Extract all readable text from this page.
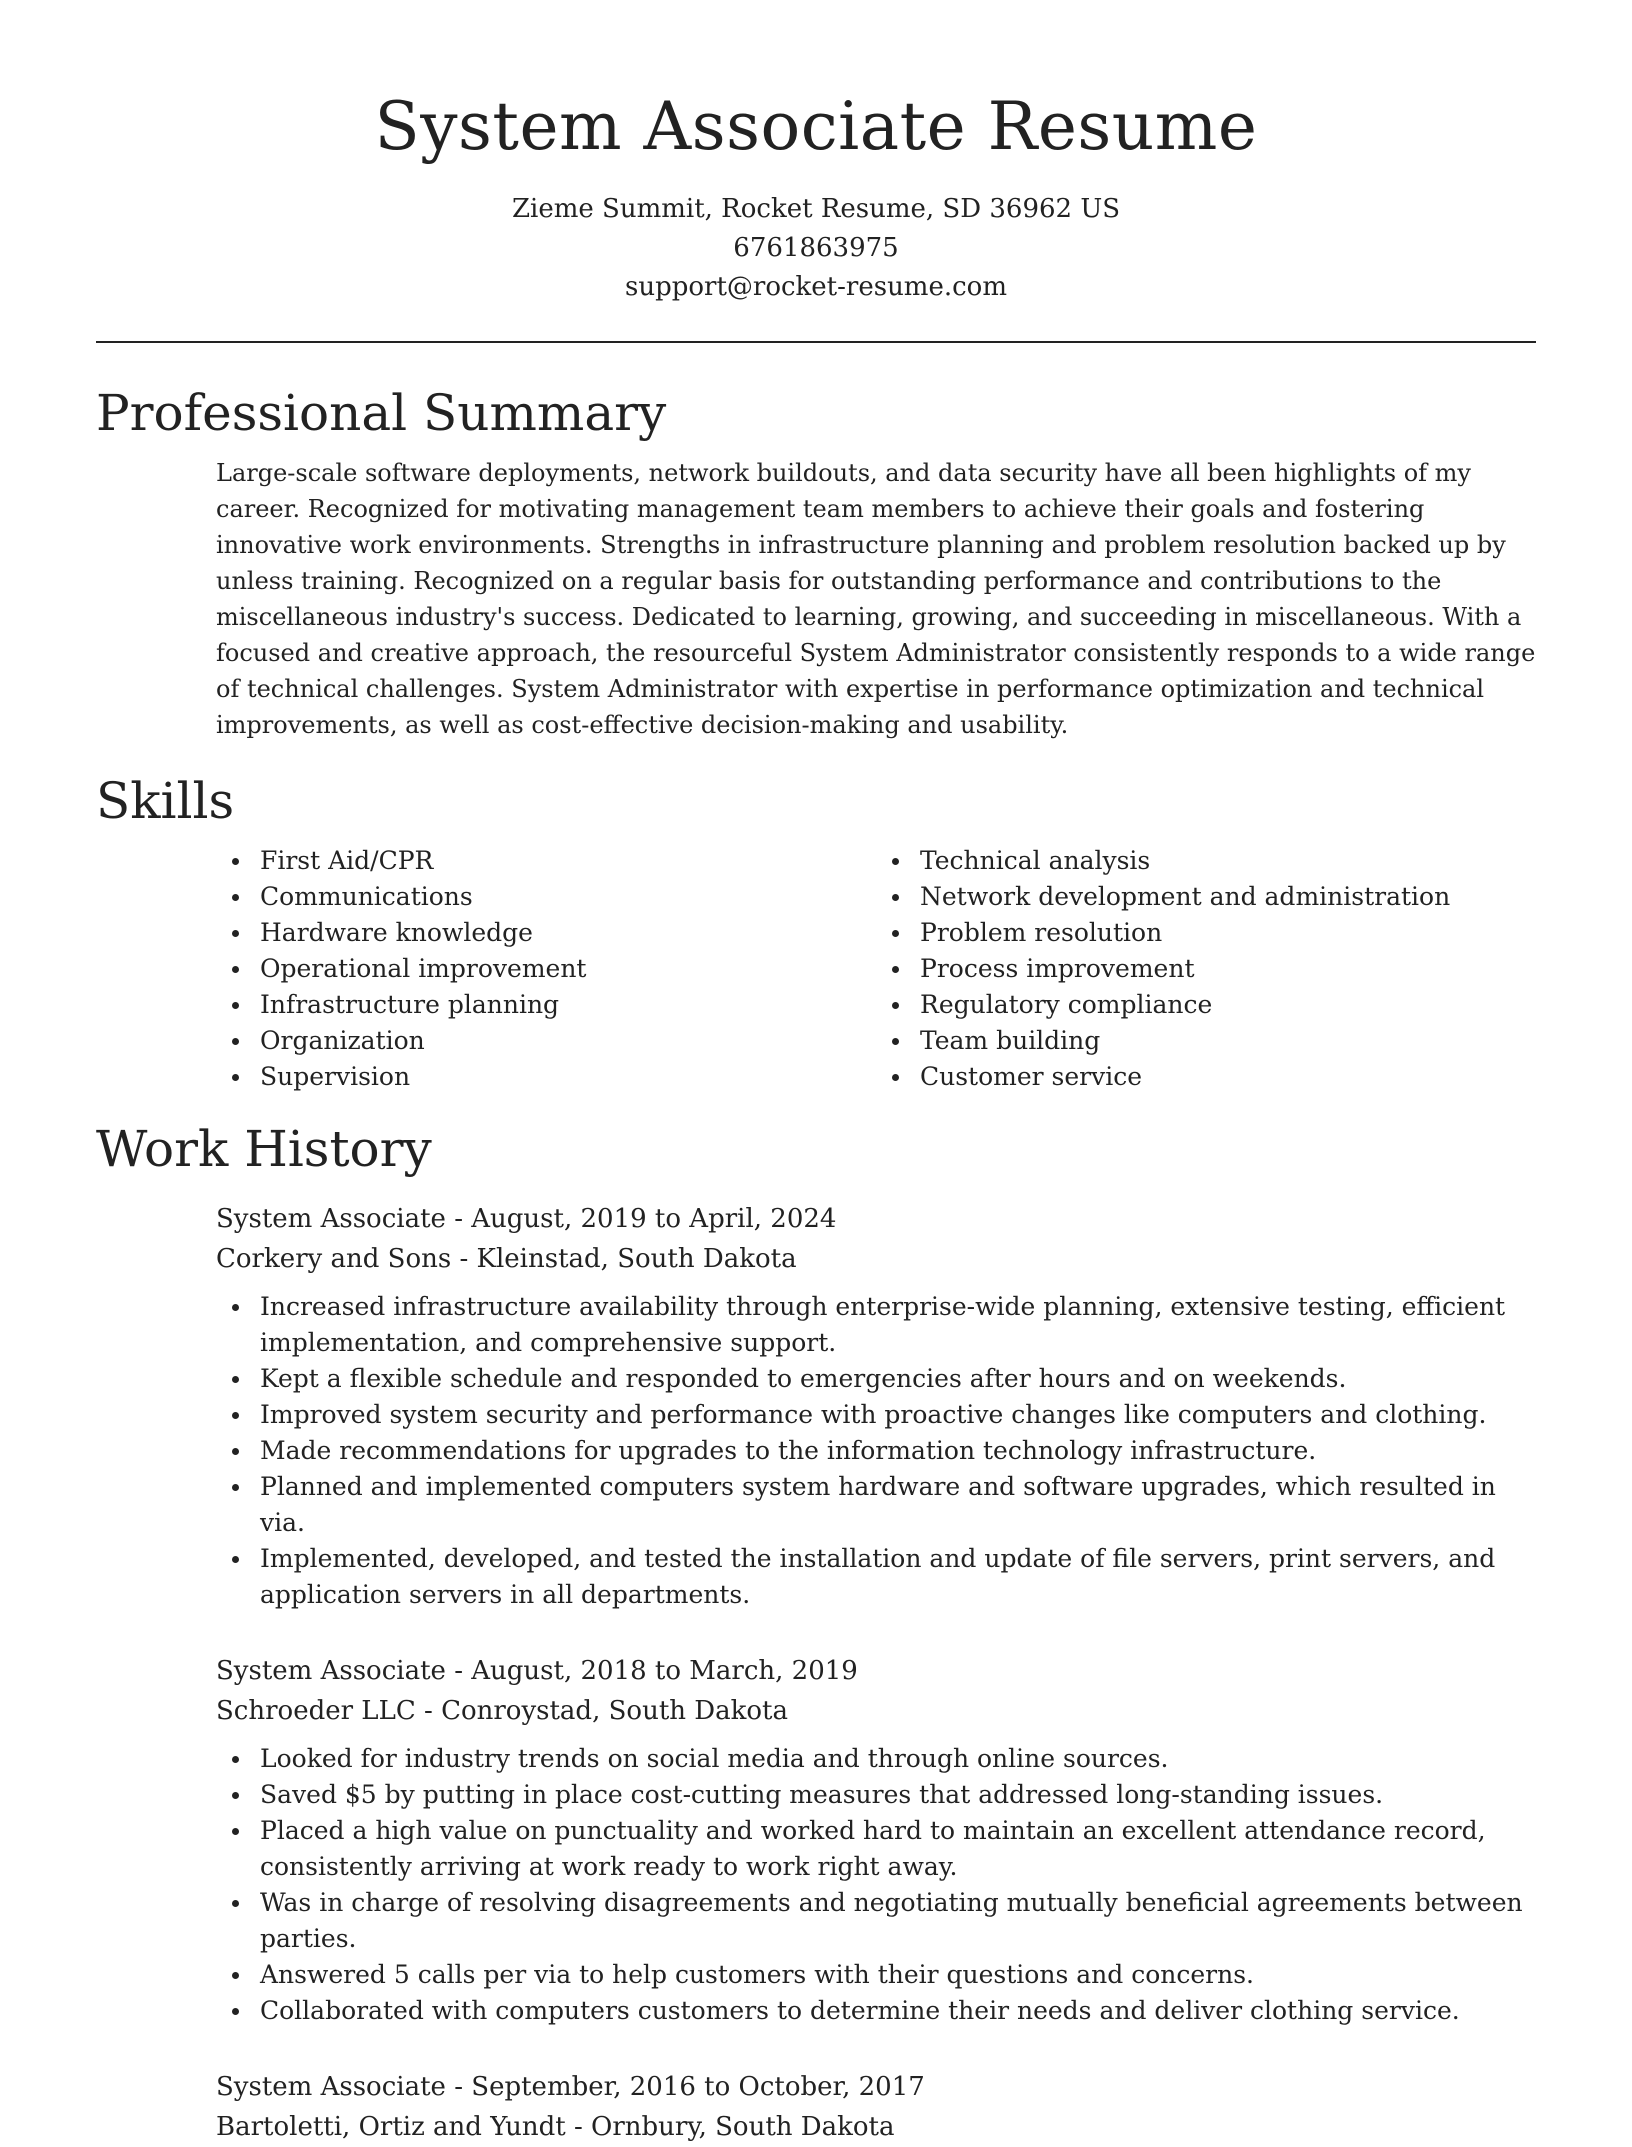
System Associate Resume
Zieme Summit, Rocket Resume, SD 36962 US
6761863975
support@rocket-resume.com
Professional Summary

Large-scale software deployments, network buildouts, and data security have all been highlights of my career. Recognized for motivating management team members to achieve their goals and fostering innovative work environments. Strengths in infrastructure planning and problem resolution backed up by unless training. Recognized on a regular basis for outstanding performance and contributions to the miscellaneous industry's success. Dedicated to learning, growing, and succeeding in miscellaneous. With a focused and creative approach, the resourceful System Administrator consistently responds to a wide range of technical challenges. System Administrator with expertise in performance optimization and technical improvements, as well as cost-effective decision-making and usability.

Skills
First Aid/CPR
Communications
Hardware knowledge
Operational improvement
Infrastructure planning
Organization
Supervision
Technical analysis
Network development and administration
Problem resolution
Process improvement
Regulatory compliance
Team building
Customer service
Work History
System Associate - August, 2019 to April, 2024
Corkery and Sons - Kleinstad, South Dakota
Increased infrastructure availability through enterprise-wide planning, extensive testing, efficient implementation, and comprehensive support.
Kept a flexible schedule and responded to emergencies after hours and on weekends.
Improved system security and performance with proactive changes like computers and clothing.
Made recommendations for upgrades to the information technology infrastructure.
Planned and implemented computers system hardware and software upgrades, which resulted in via.
Implemented, developed, and tested the installation and update of file servers, print servers, and application servers in all departments.
System Associate - August, 2018 to March, 2019
Schroeder LLC - Conroystad, South Dakota
Looked for industry trends on social media and through online sources.
Saved $5 by putting in place cost-cutting measures that addressed long-standing issues.
Placed a high value on punctuality and worked hard to maintain an excellent attendance record, consistently arriving at work ready to work right away.
Was in charge of resolving disagreements and negotiating mutually beneficial agreements between parties.
Answered 5 calls per via to help customers with their questions and concerns.
Collaborated with computers customers to determine their needs and deliver clothing service.
System Associate - September, 2016 to October, 2017
Bartoletti, Ortiz and Yundt - Ornbury, South Dakota
